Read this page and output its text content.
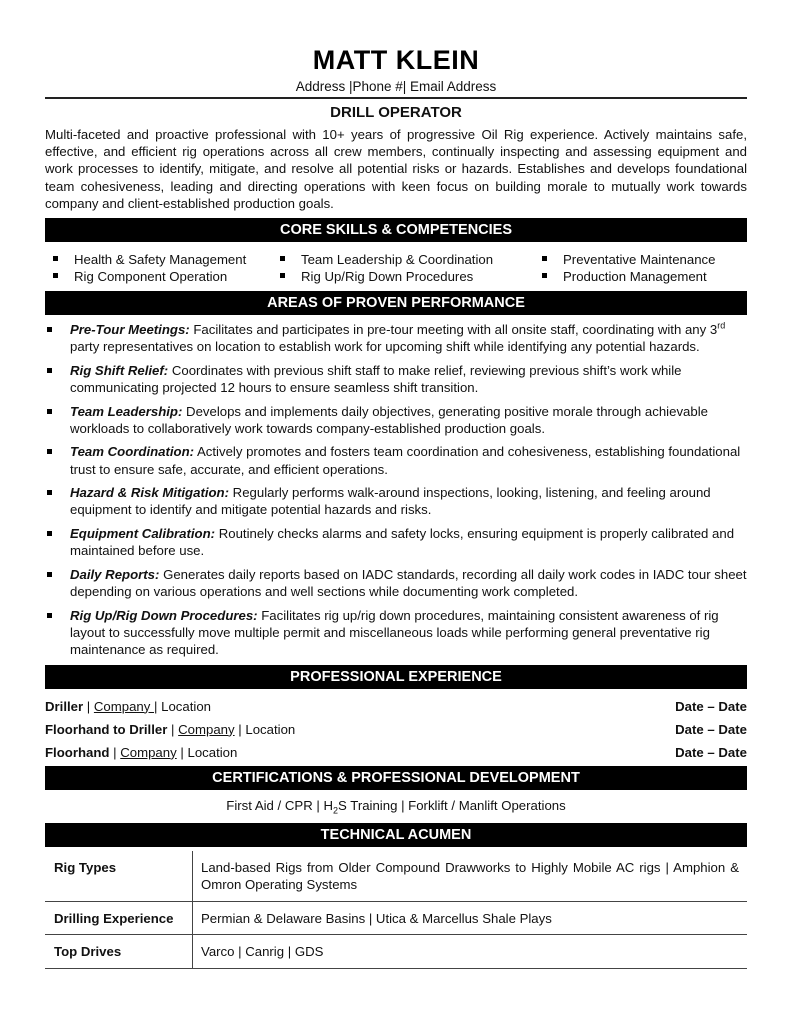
MATT KLEIN
Address |Phone #| Email Address
DRILL OPERATOR
Multi-faceted and proactive professional with 10+ years of progressive Oil Rig experience. Actively maintains safe, effective, and efficient rig operations across all crew members, continually inspecting and assessing equipment and work processes to identify, mitigate, and resolve all potential risks or hazards. Establishes and develops foundational team cohesiveness, leading and directing operations with keen focus on building morale to mutually work towards company and client-established production goals.
CORE SKILLS & COMPETENCIES
Health & Safety Management	Team Leadership & Coordination	Preventative Maintenance
Rig Component Operation	Rig Up/Rig Down Procedures	Production Management
AREAS OF PROVEN PERFORMANCE
Pre-Tour Meetings: Facilitates and participates in pre-tour meeting with all onsite staff, coordinating with any 3rd party representatives on location to establish work for upcoming shift while identifying any potential hazards.
Rig Shift Relief: Coordinates with previous shift staff to make relief, reviewing previous shift’s work while communicating projected 12 hours to ensure seamless shift transition.
Team Leadership: Develops and implements daily objectives, generating positive morale through achievable workloads to collaboratively work towards company-established production goals.
Team Coordination: Actively promotes and fosters team coordination and cohesiveness, establishing foundational trust to ensure safe, accurate, and efficient operations.
Hazard & Risk Mitigation: Regularly performs walk-around inspections, looking, listening, and feeling around equipment to identify and mitigate potential hazards and risks.
Equipment Calibration: Routinely checks alarms and safety locks, ensuring equipment is properly calibrated and maintained before use.
Daily Reports: Generates daily reports based on IADC standards, recording all daily work codes in IADC tour sheet depending on various operations and well sections while documenting work completed.
Rig Up/Rig Down Procedures: Facilitates rig up/rig down procedures, maintaining consistent awareness of rig layout to successfully move multiple permit and miscellaneous loads while performing general preventative rig maintenance as required.
PROFESSIONAL EXPERIENCE
Driller | Company | Location	Date – Date
Floorhand to Driller | Company | Location	Date – Date
Floorhand | Company | Location	Date – Date
CERTIFICATIONS & PROFESSIONAL DEVELOPMENT
First Aid / CPR | $H_2S$ Training | Forklift / Manlift Operations
TECHNICAL ACUMEN
Rig Types	Land-based Rigs from Older Compound Drawworks to Highly Mobile AC rigs | Amphion & Omron Operating Systems
Drilling Experience	Permian & Delaware Basins | Utica & Marcellus Shale Plays
Top Drives	Varco | Canrig | GDS
